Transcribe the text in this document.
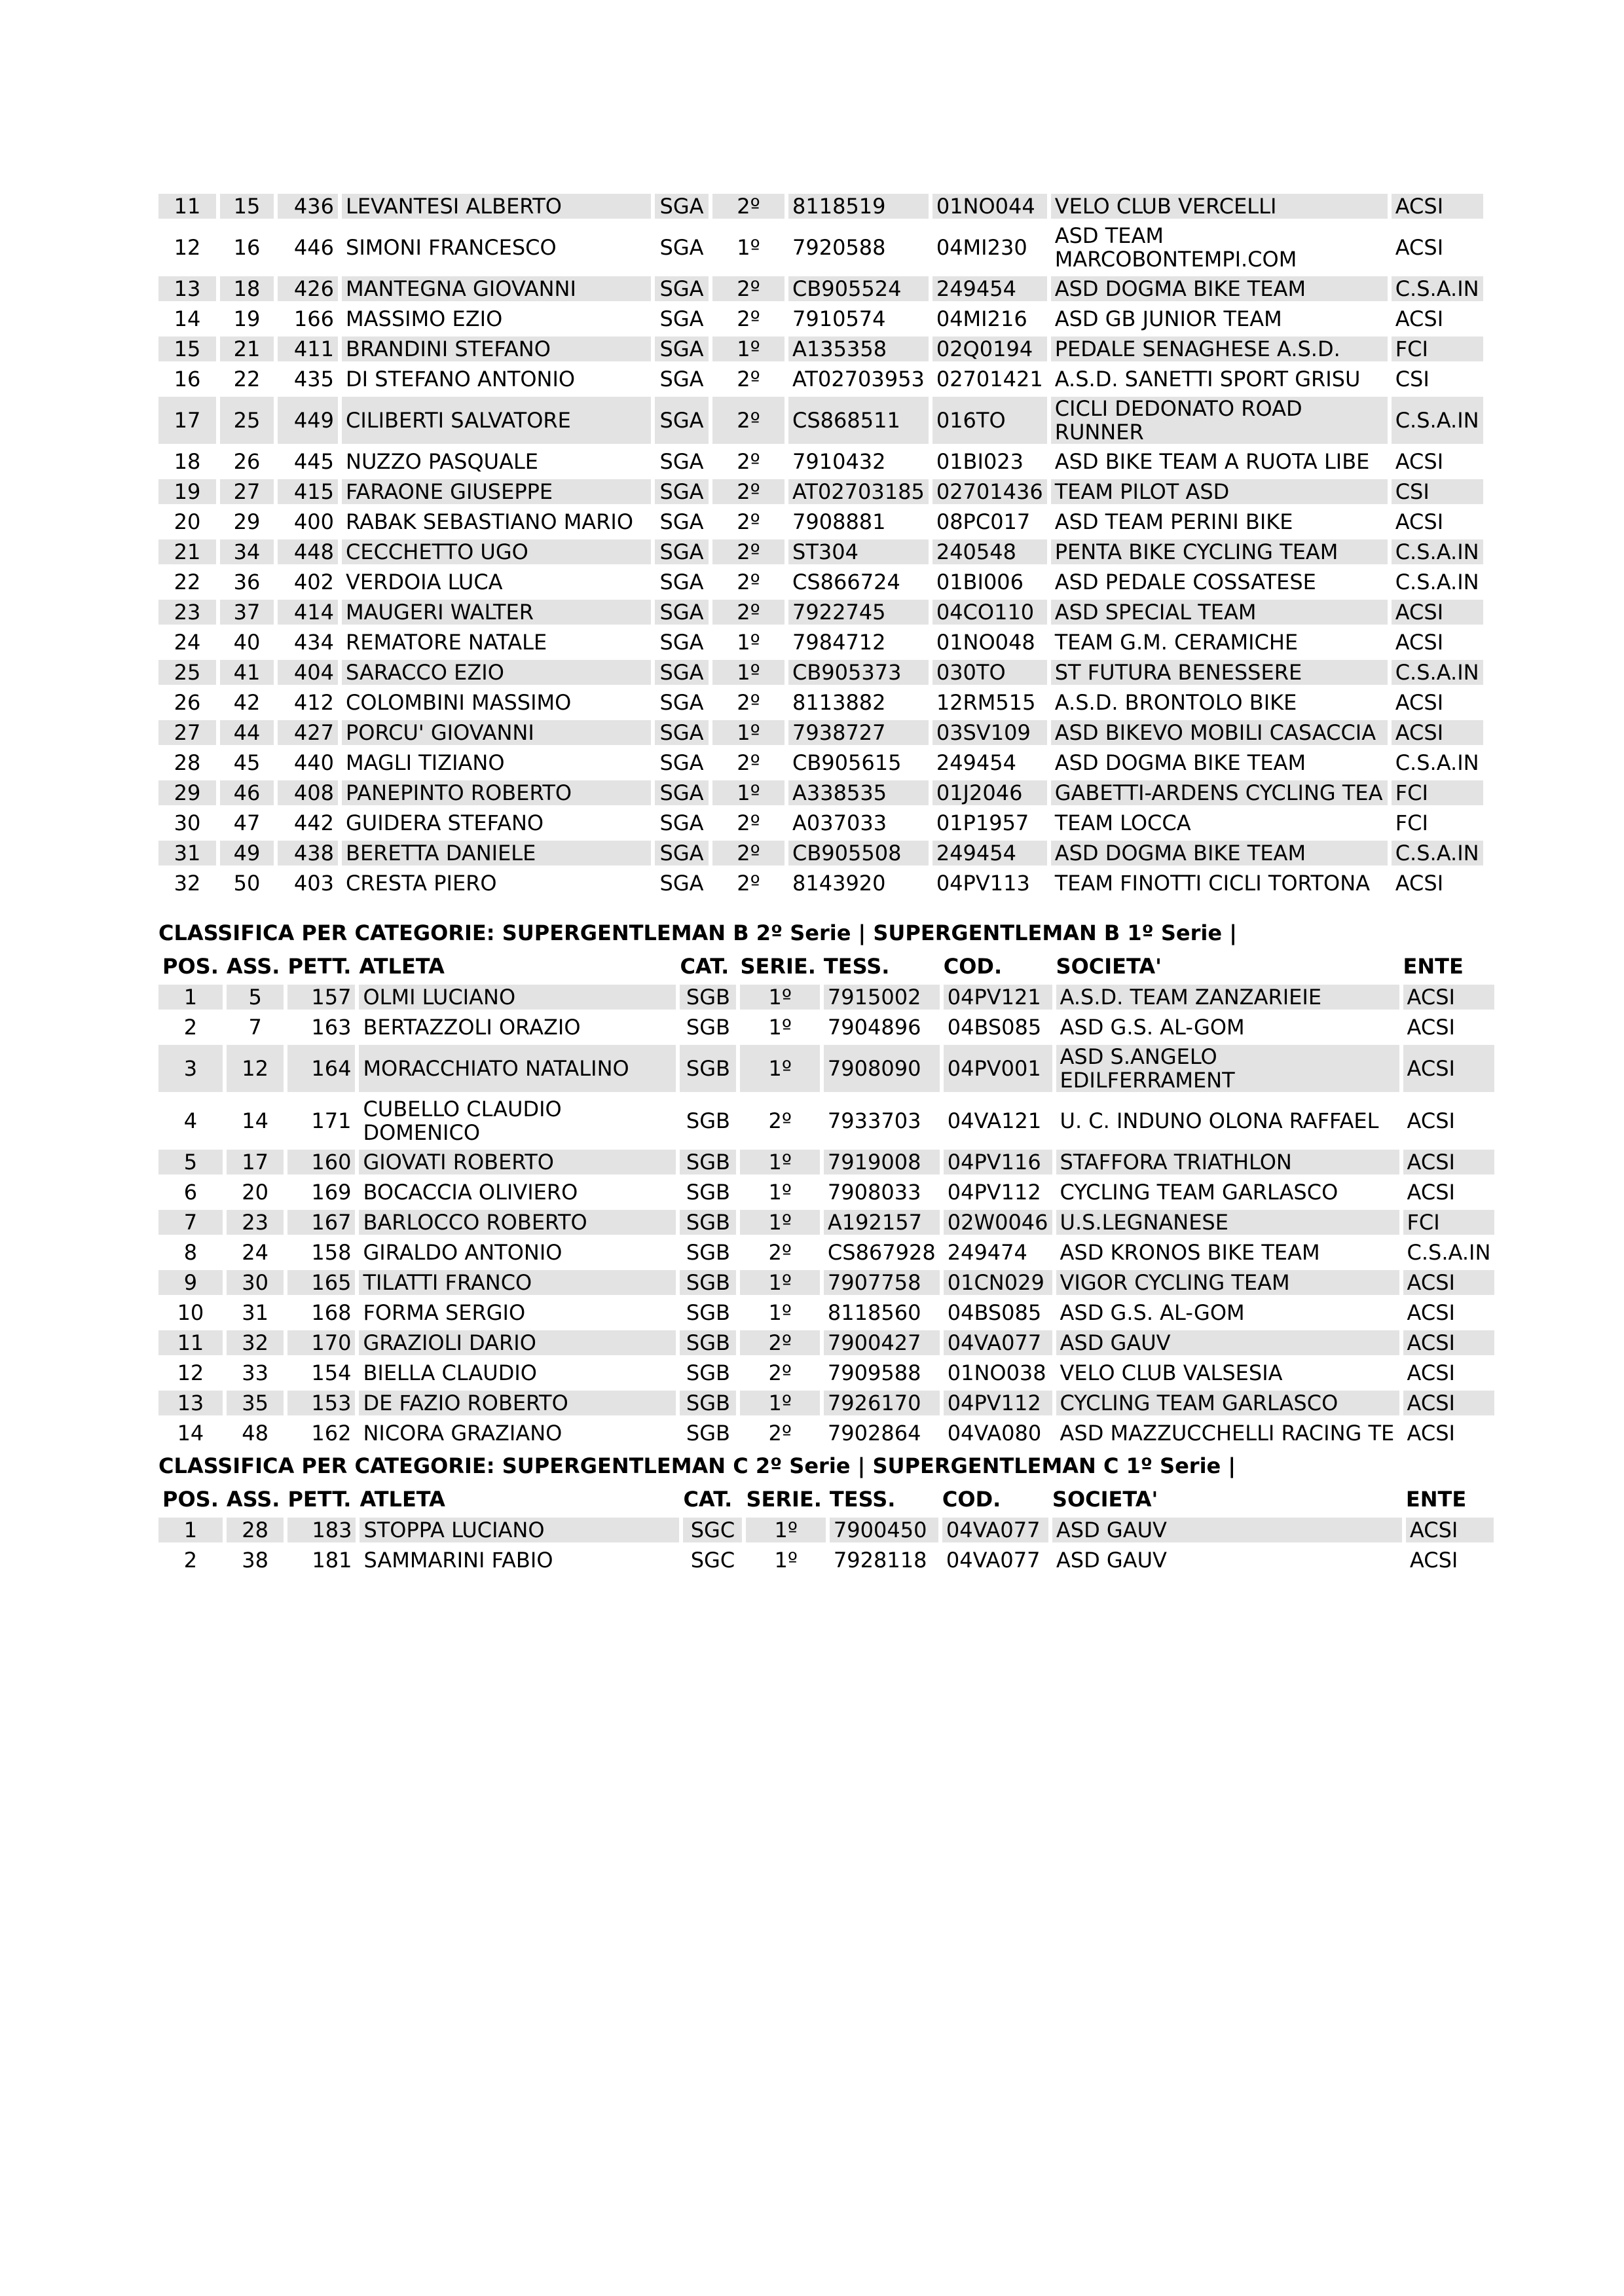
11	15	436	LEVANTESI ALBERTO	SGA	2º	8118519	01NO044	VELO CLUB VERCELLI	ACSI
12	16	446	SIMONI FRANCESCO	SGA	1º	7920588	04MI230	ASD TEAM MARCOBONTEMPI.COM	ACSI
13	18	426	MANTEGNA GIOVANNI	SGA	2º	CB905524	249454	ASD DOGMA BIKE TEAM	C.S.A.IN
14	19	166	MASSIMO EZIO	SGA	2º	7910574	04MI216	ASD GB JUNIOR TEAM	ACSI
15	21	411	BRANDINI STEFANO	SGA	1º	A135358	02Q0194	PEDALE SENAGHESE A.S.D.	FCI
16	22	435	DI STEFANO ANTONIO	SGA	2º	AT02703953	02701421	A.S.D. SANETTI SPORT GRISU	CSI
17	25	449	CILIBERTI SALVATORE	SGA	2º	CS868511	016TO	CICLI DEDONATO ROAD RUNNER	C.S.A.IN
18	26	445	NUZZO PASQUALE	SGA	2º	7910432	01BI023	ASD BIKE TEAM A RUOTA LIBE	ACSI
19	27	415	FARAONE GIUSEPPE	SGA	2º	AT02703185	02701436	TEAM PILOT ASD	CSI
20	29	400	RABAK SEBASTIANO MARIO	SGA	2º	7908881	08PC017	ASD TEAM PERINI BIKE	ACSI
21	34	448	CECCHETTO UGO	SGA	2º	ST304	240548	PENTA BIKE CYCLING TEAM	C.S.A.IN
22	36	402	VERDOIA LUCA	SGA	2º	CS866724	01BI006	ASD PEDALE COSSATESE	C.S.A.IN
23	37	414	MAUGERI WALTER	SGA	2º	7922745	04CO110	ASD SPECIAL TEAM	ACSI
24	40	434	REMATORE NATALE	SGA	1º	7984712	01NO048	TEAM G.M. CERAMICHE	ACSI
25	41	404	SARACCO EZIO	SGA	1º	CB905373	030TO	ST FUTURA BENESSERE	C.S.A.IN
26	42	412	COLOMBINI MASSIMO	SGA	2º	8113882	12RM515	A.S.D. BRONTOLO BIKE	ACSI
27	44	427	PORCU' GIOVANNI	SGA	1º	7938727	03SV109	ASD BIKEVO MOBILI CASACCIA	ACSI
28	45	440	MAGLI TIZIANO	SGA	2º	CB905615	249454	ASD DOGMA BIKE TEAM	C.S.A.IN
29	46	408	PANEPINTO ROBERTO	SGA	1º	A338535	01J2046	GABETTI-ARDENS CYCLING TEA	FCI
30	47	442	GUIDERA STEFANO	SGA	2º	A037033	01P1957	TEAM LOCCA	FCI
31	49	438	BERETTA DANIELE	SGA	2º	CB905508	249454	ASD DOGMA BIKE TEAM	C.S.A.IN
32	50	403	CRESTA PIERO	SGA	2º	8143920	04PV113	TEAM FINOTTI CICLI TORTONA	ACSI
CLASSIFICA PER CATEGORIE: SUPERGENTLEMAN B 2º Serie | SUPERGENTLEMAN B 1º Serie |
POS.	ASS.	PETT.	ATLETA	CAT.	SERIE.	TESS.	COD.	SOCIETA'	ENTE
1	5	157	OLMI LUCIANO	SGB	1º	7915002	04PV121	A.S.D. TEAM ZANZARIEIE	ACSI
2	7	163	BERTAZZOLI ORAZIO	SGB	1º	7904896	04BS085	ASD G.S. AL-GOM	ACSI
3	12	164	MORACCHIATO NATALINO	SGB	1º	7908090	04PV001	ASD S.ANGELO EDILFERRAMENT	ACSI
4	14	171	CUBELLO CLAUDIO DOMENICO	SGB	2º	7933703	04VA121	U. C. INDUNO OLONA RAFFAEL	ACSI
5	17	160	GIOVATI ROBERTO	SGB	1º	7919008	04PV116	STAFFORA TRIATHLON	ACSI
6	20	169	BOCACCIA OLIVIERO	SGB	1º	7908033	04PV112	CYCLING TEAM GARLASCO	ACSI
7	23	167	BARLOCCO ROBERTO	SGB	1º	A192157	02W0046	U.S.LEGNANESE	FCI
8	24	158	GIRALDO ANTONIO	SGB	2º	CS867928	249474	ASD KRONOS BIKE TEAM	C.S.A.IN
9	30	165	TILATTI FRANCO	SGB	1º	7907758	01CN029	VIGOR CYCLING TEAM	ACSI
10	31	168	FORMA SERGIO	SGB	1º	8118560	04BS085	ASD G.S. AL-GOM	ACSI
11	32	170	GRAZIOLI DARIO	SGB	2º	7900427	04VA077	ASD GAUV	ACSI
12	33	154	BIELLA CLAUDIO	SGB	2º	7909588	01NO038	VELO CLUB VALSESIA	ACSI
13	35	153	DE FAZIO ROBERTO	SGB	1º	7926170	04PV112	CYCLING TEAM GARLASCO	ACSI
14	48	162	NICORA GRAZIANO	SGB	2º	7902864	04VA080	ASD MAZZUCCHELLI RACING TE	ACSI
CLASSIFICA PER CATEGORIE: SUPERGENTLEMAN C 2º Serie | SUPERGENTLEMAN C 1º Serie |
POS.	ASS.	PETT.	ATLETA	CAT.	SERIE.	TESS.	COD.	SOCIETA'	ENTE
1	28	183	STOPPA LUCIANO	SGC	1º	7900450	04VA077	ASD GAUV	ACSI
2	38	181	SAMMARINI FABIO	SGC	1º	7928118	04VA077	ASD GAUV	ACSI
